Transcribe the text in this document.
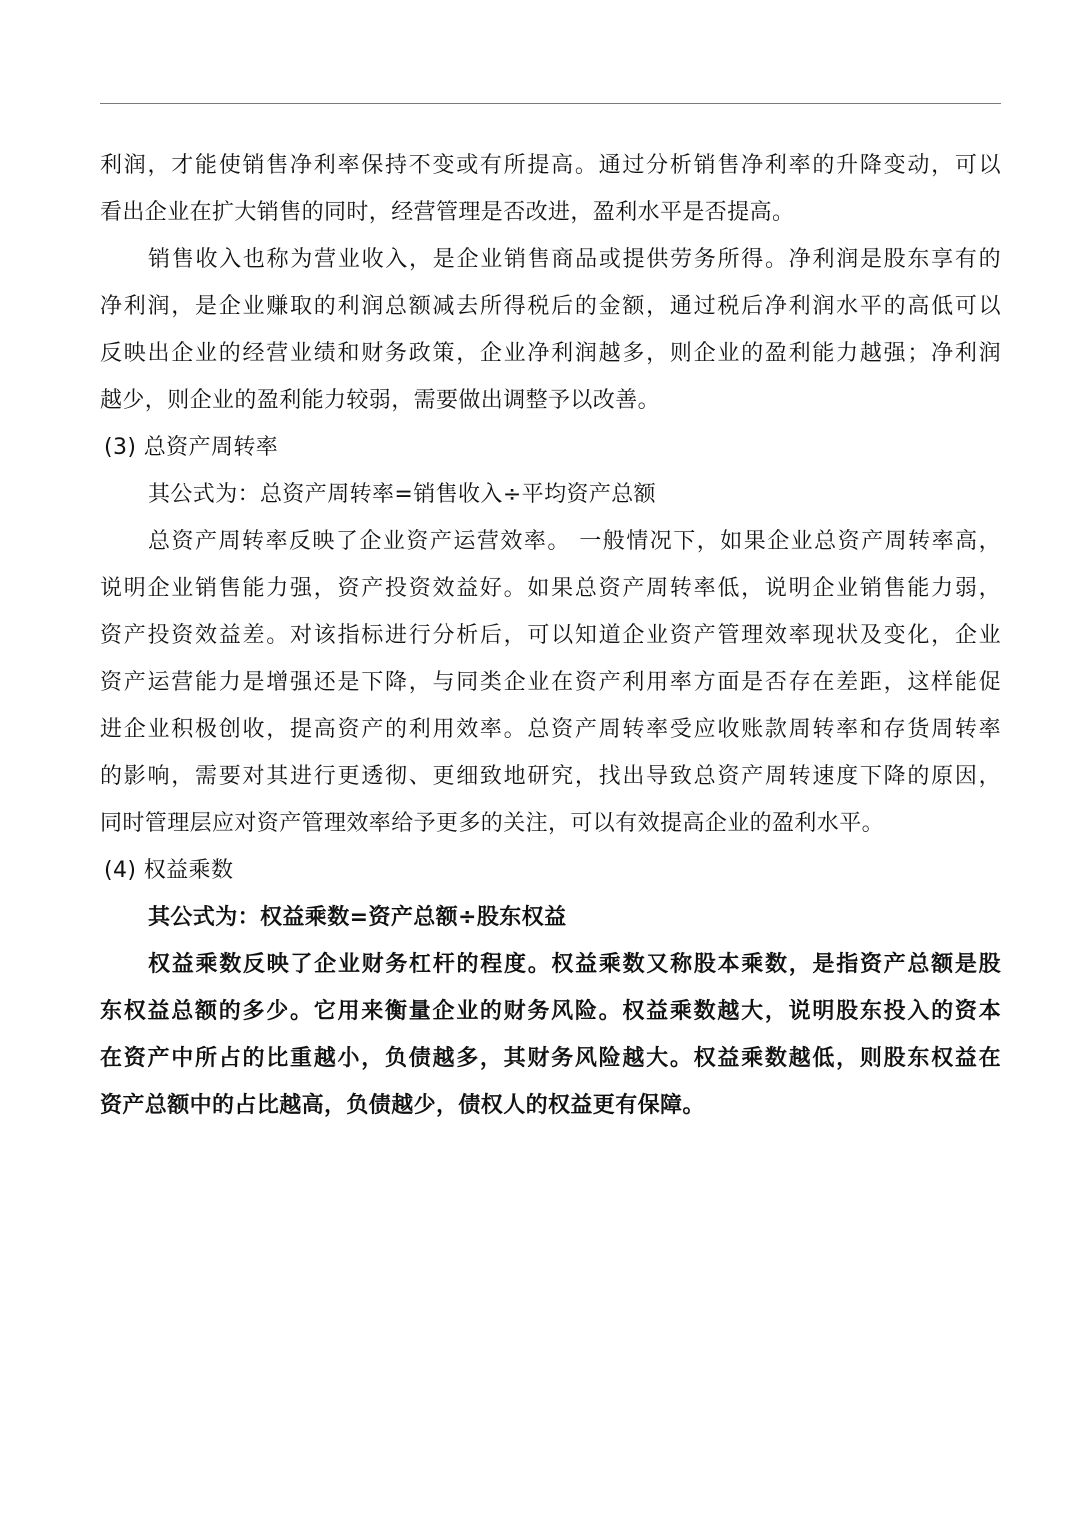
利润，才能使销售净利率保持不变或有所提高。通过分析销售净利率的升降变动，可以
看出企业在扩大销售的同时，经营管理是否改进，盈利水平是否提高。
销售收入也称为营业收入，是企业销售商品或提供劳务所得。净利润是股东享有的
净利润，是企业赚取的利润总额减去所得税后的金额，通过税后净利润水平的高低可以
反映出企业的经营业绩和财务政策，企业净利润越多，则企业的盈利能力越强；净利润
越少，则企业的盈利能力较弱，需要做出调整予以改善。
(3) 总资产周转率
其公式为：总资产周转率=销售收入÷平均资产总额
总资产周转率反映了企业资产运营效率。 一般情况下，如果企业总资产周转率高，
说明企业销售能力强，资产投资效益好。如果总资产周转率低，说明企业销售能力弱，
资产投资效益差。对该指标进行分析后，可以知道企业资产管理效率现状及变化，企业
资产运营能力是增强还是下降，与同类企业在资产利用率方面是否存在差距，这样能促
进企业积极创收，提高资产的利用效率。总资产周转率受应收账款周转率和存货周转率
的影响，需要对其进行更透彻、更细致地研究，找出导致总资产周转速度下降的原因，
同时管理层应对资产管理效率给予更多的关注，可以有效提高企业的盈利水平。
(4) 权益乘数
其公式为：权益乘数=资产总额÷股东权益
权益乘数反映了企业财务杠杆的程度。权益乘数又称股本乘数，是指资产总额是股
东权益总额的多少。它用来衡量企业的财务风险。权益乘数越大，说明股东投入的资本
在资产中所占的比重越小，负债越多，其财务风险越大。权益乘数越低，则股东权益在
资产总额中的占比越高，负债越少，债权人的权益更有保障。
